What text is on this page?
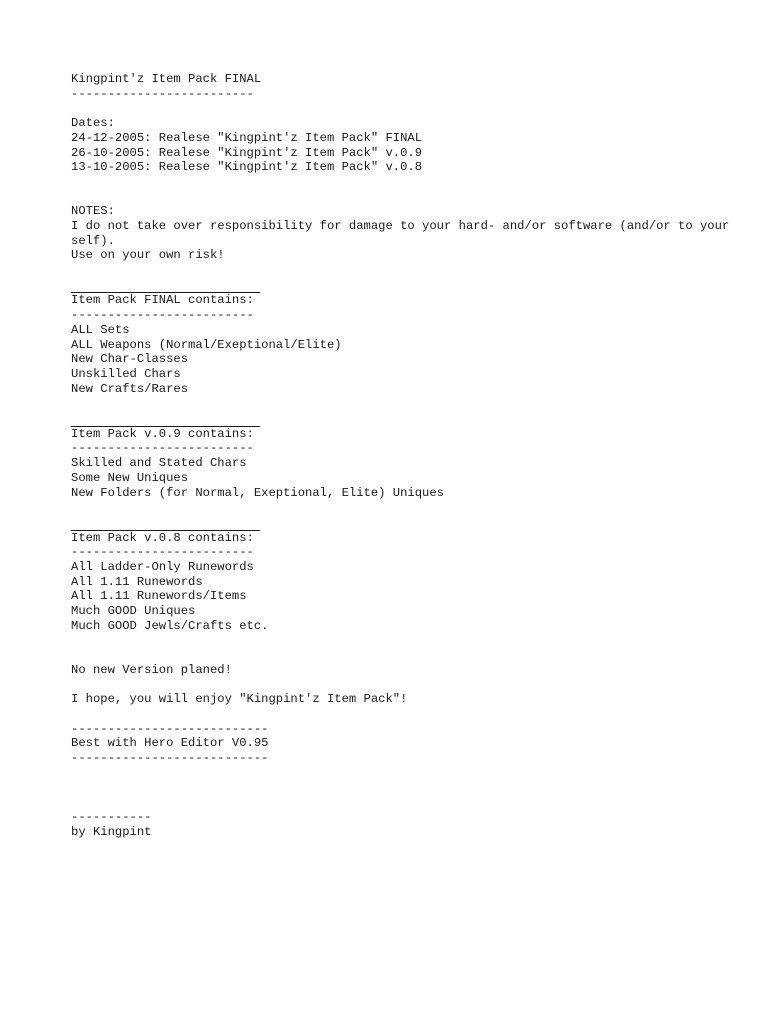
Kingpint'z Item Pack FINAL
-------------------------
Dates:
24-12-2005: Realese "Kingpint'z Item Pack" FINAL
26-10-2005: Realese "Kingpint'z Item Pack" v.0.9
13-10-2005: Realese "Kingpint'z Item Pack" v.0.8
NOTES:
I do not take over responsibility for damage to your hard- and/or software (and/or to your self).
Use on your own risk!
Item Pack FINAL contains:
-------------------------
ALL Sets
ALL Weapons (Normal/Exeptional/Elite)
New Char-Classes
Unskilled Chars
New Crafts/Rares
Item Pack v.0.9 contains:
-------------------------
Skilled and Stated Chars
Some New Uniques
New Folders (for Normal, Exeptional, Elite) Uniques
Item Pack v.0.8 contains:
-------------------------
All Ladder-Only Runewords
All 1.11 Runewords
All 1.11 Runewords/Items
Much GOOD Uniques
Much GOOD Jewls/Crafts etc.
No new Version planed!
I hope, you will enjoy "Kingpint'z Item Pack"!
---------------------------
Best with Hero Editor V0.95
---------------------------
-----------
by Kingpint
